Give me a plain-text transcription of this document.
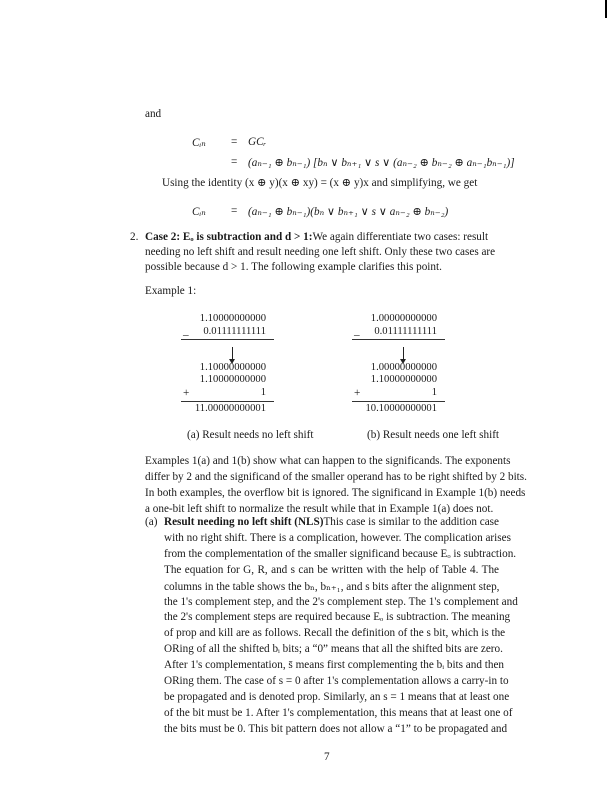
and
Cᵢₙ = GCᵣ
= (aₙ₋₁ ⊕ bₙ₋₁) [bₙ ∨ bₙ₊₁ ∨ s ∨ (aₙ₋₂ ⊕ bₙ₋₂ ⊕ aₙ₋₁bₙ₋₁)]
Using the identity (x ⊕ y)(x ⊕ xy) = (x ⊕ y)x and simplifying, we get
Cᵢₙ = (aₙ₋₁ ⊕ bₙ₋₁)(bₙ ∨ bₙ₊₁ ∨ s ∨ aₙ₋₂ ⊕ bₙ₋₂)
2. Case 2: Eₒ is subtraction and d > 1: We again differentiate two cases: result
needing no left shift and result needing one left shift. Only these two cases are
possible because d > 1. The following example clarifies this point.
Example 1:
1.10000000000
_	0.01111111111
1.10000000000
1.10000000000
+	1
11.00000000001
(a) Result needs no left shift
1.00000000000
_	0.01111111111
1.00000000000
1.10000000000
+	1
10.10000000001
(b) Result needs one left shift
Examples 1(a) and 1(b) show what can happen to the significands. The exponents
differ by 2 and the significand of the smaller operand has to be right shifted by 2 bits.
In both examples, the overflow bit is ignored. The significand in Example 1(b) needs
a one-bit left shift to normalize the result while that in Example 1(a) does not.
(a) Result needing no left shift (NLS) This case is similar to the addition case
with no right shift. There is a complication, however. The complication arises
from the complementation of the smaller significand because Eₒ is subtraction.
The equation for G, R, and s can be written with the help of Table 4. The
columns in the table shows the bₙ, bₙ₊₁, and s bits after the alignment step,
the 1's complement step, and the 2's complement step. The 1's complement and
the 2's complement steps are required because Eₒ is subtraction. The meaning
of prop and kill are as follows. Recall the definition of the s bit, which is the
ORing of all the shifted bᵢ bits; a “0” means that all the shifted bits are zero.
After 1's complementation, s̄ means first complementing the bᵢ bits and then
ORing them. The case of s = 0 after 1's complementation allows a carry-in to
be propagated and is denoted prop. Similarly, an s = 1 means that at least one
of the bit must be 1. After 1's complementation, this means that at least one of
the bits must be 0. This bit pattern does not allow a “1” to be propagated and
7
